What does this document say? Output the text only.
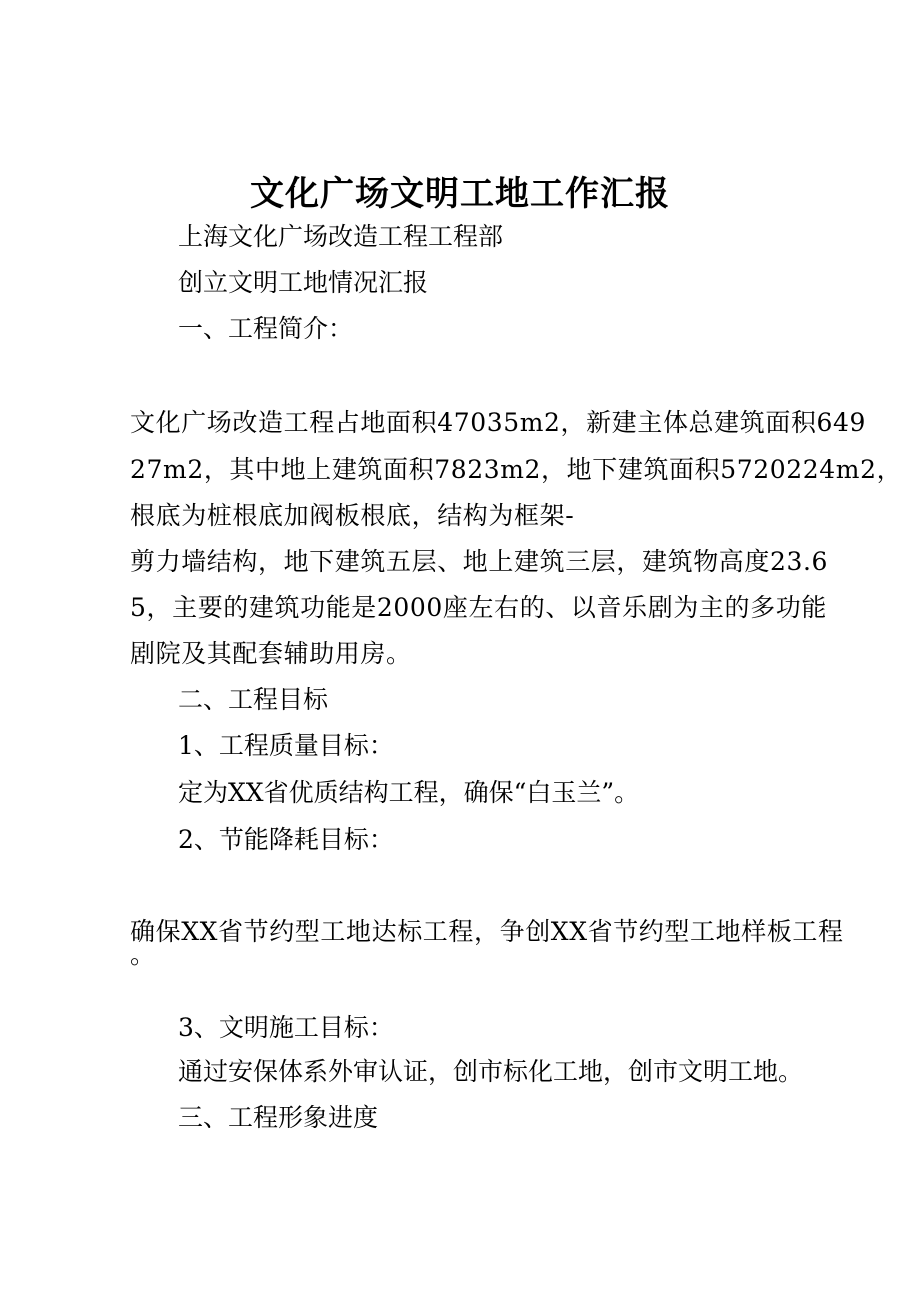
文化广场文明工地工作汇报
上海文化广场改造工程工程部
创立文明工地情况汇报
一、工程简介：
文化广场改造工程占地面积47035m2，新建主体总建筑面积649
27m2，其中地上建筑面积7823m2，地下建筑面积5720224m2，
根底为桩根底加阀板根底，结构为框架-
剪力墙结构，地下建筑五层、地上建筑三层，建筑物高度23.6
5，主要的建筑功能是2000座左右的、以音乐剧为主的多功能
剧院及其配套辅助用房。
二、工程目标
1、工程质量目标：
定为XX省优质结构工程，确保“白玉兰”。
2、节能降耗目标：
确保XX省节约型工地达标工程，争创XX省节约型工地样板工程
。
3、文明施工目标：
通过安保体系外审认证，创市标化工地，创市文明工地。
三、工程形象进度
